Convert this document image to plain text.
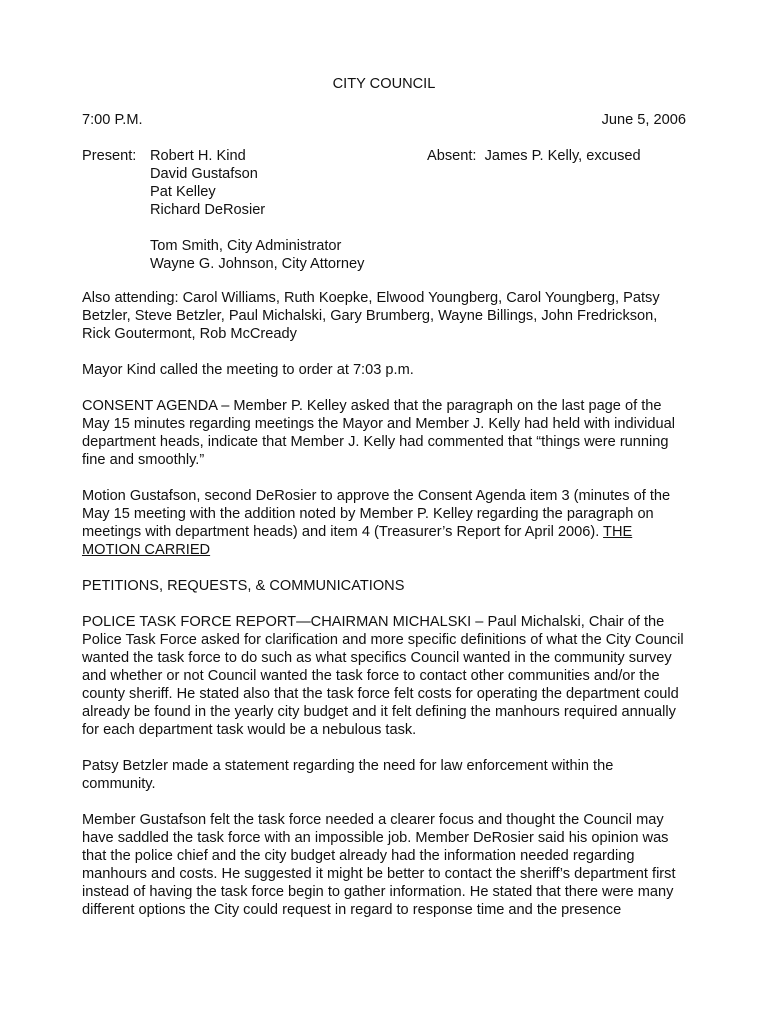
CITY COUNCIL
7:00 P.M.	June 5, 2006
Present: Robert H. Kind
David Gustafson
Pat Kelley
Richard DeRosier
Tom Smith, City Administrator
Wayne G. Johnson, City Attorney
Absent: James P. Kelly, excused
Also attending: Carol Williams, Ruth Koepke, Elwood Youngberg, Carol Youngberg, Patsy Betzler, Steve Betzler, Paul Michalski, Gary Brumberg, Wayne Billings, John Fredrickson, Rick Goutermont, Rob McCready
Mayor Kind called the meeting to order at 7:03 p.m.
CONSENT AGENDA – Member P. Kelley asked that the paragraph on the last page of the May 15 minutes regarding meetings the Mayor and Member J. Kelly had held with individual department heads, indicate that Member J. Kelly had commented that “things were running fine and smoothly.”
Motion Gustafson, second DeRosier to approve the Consent Agenda item 3 (minutes of the May 15 meeting with the addition noted by Member P. Kelley regarding the paragraph on meetings with department heads) and item 4 (Treasurer’s Report for April 2006). THE MOTION CARRIED
PETITIONS, REQUESTS, & COMMUNICATIONS
POLICE TASK FORCE REPORT—CHAIRMAN MICHALSKI – Paul Michalski, Chair of the Police Task Force asked for clarification and more specific definitions of what the City Council wanted the task force to do such as what specifics Council wanted in the community survey and whether or not Council wanted the task force to contact other communities and/or the county sheriff. He stated also that the task force felt costs for operating the department could already be found in the yearly city budget and it felt defining the manhours required annually for each department task would be a nebulous task.
Patsy Betzler made a statement regarding the need for law enforcement within the community.
Member Gustafson felt the task force needed a clearer focus and thought the Council may have saddled the task force with an impossible job. Member DeRosier said his opinion was that the police chief and the city budget already had the information needed regarding manhours and costs. He suggested it might be better to contact the sheriff’s department first instead of having the task force begin to gather information. He stated that there were many different options the City could request in regard to response time and the presence
